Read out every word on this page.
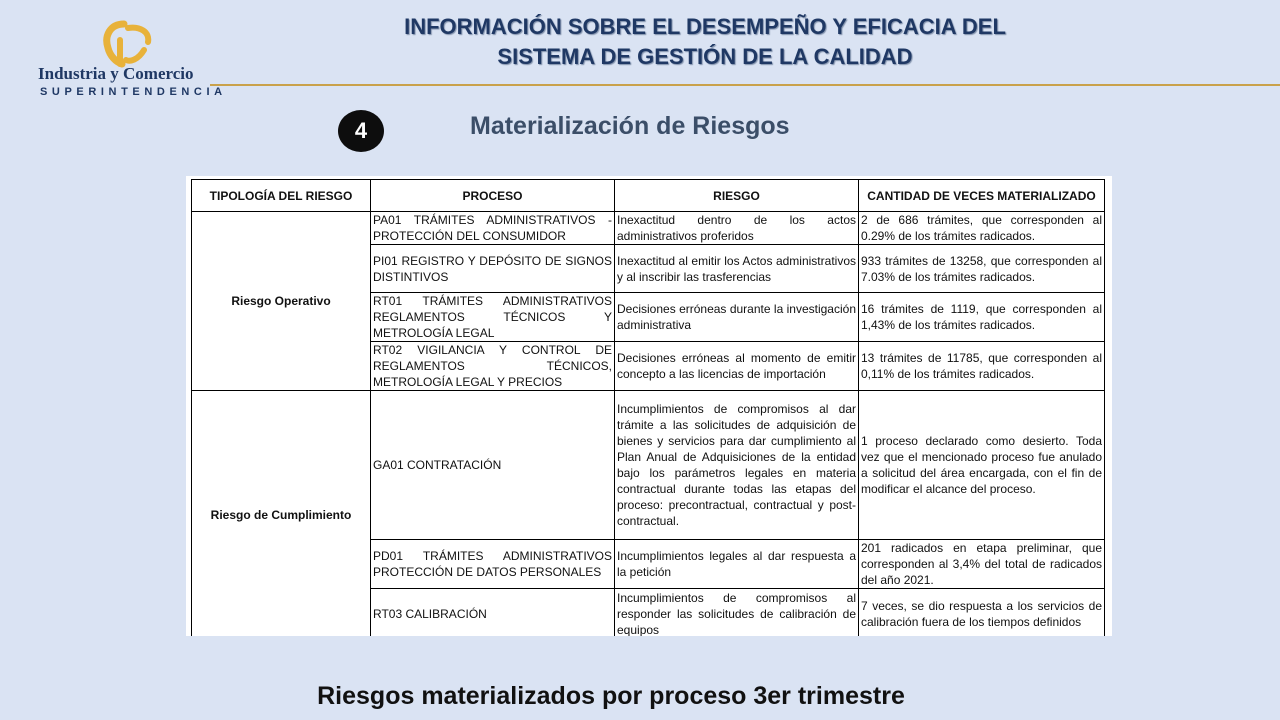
Industria y Comercio
SUPERINTENDENCIA
INFORMACIÓN SOBRE EL DESEMPEÑO Y EFICACIA DEL
SISTEMA DE GESTIÓN DE LA CALIDAD
4	Materialización de Riesgos
TIPOLOGÍA DEL RIESGO	PROCESO	RIESGO	CANTIDAD DE VECES MATERIALIZADO
Riesgo Operativo	PA01 TRÁMITES ADMINISTRATIVOS - PROTECCIÓN DEL CONSUMIDOR	Inexactitud dentro de los actos administrativos proferidos	2 de 686 trámites, que corresponden al 0.29% de los trámites radicados.
	PI01 REGISTRO Y DEPÓSITO DE SIGNOS DISTINTIVOS	Inexactitud al emitir los Actos administrativos y al inscribir las trasferencias	933 trámites de 13258, que corresponden al 7.03% de los trámites radicados.
	RT01 TRÁMITES ADMINISTRATIVOS REGLAMENTOS TÉCNICOS Y METROLOGÍA LEGAL	Decisiones erróneas durante la investigación administrativa	16 trámites de 1119, que corresponden al 1,43% de los trámites radicados.
	RT02 VIGILANCIA Y CONTROL DE REGLAMENTOS TÉCNICOS, METROLOGÍA LEGAL Y PRECIOS	Decisiones erróneas al momento de emitir concepto a las licencias de importación	13 trámites de 11785, que corresponden al 0,11% de los trámites radicados.
Riesgo de Cumplimiento	GA01 CONTRATACIÓN	Incumplimientos de compromisos al dar trámite a las solicitudes de adquisición de bienes y servicios para dar cumplimiento al Plan Anual de Adquisiciones de la entidad bajo los parámetros legales en materia contractual durante todas las etapas del proceso: precontractual, contractual y post-contractual.	1 proceso declarado como desierto. Toda vez que el mencionado proceso fue anulado a solicitud del área encargada, con el fin de modificar el alcance del proceso.
	PD01 TRÁMITES ADMINISTRATIVOS PROTECCIÓN DE DATOS PERSONALES	Incumplimientos legales al dar respuesta a la petición	201 radicados en etapa preliminar, que corresponden al 3,4% del total de radicados del año 2021.
	RT03 CALIBRACIÓN	Incumplimientos de compromisos al responder las solicitudes de calibración de equipos	7 veces, se dio respuesta a los servicios de calibración fuera de los tiempos definidos
Riesgos materializados por proceso 3er trimestre
